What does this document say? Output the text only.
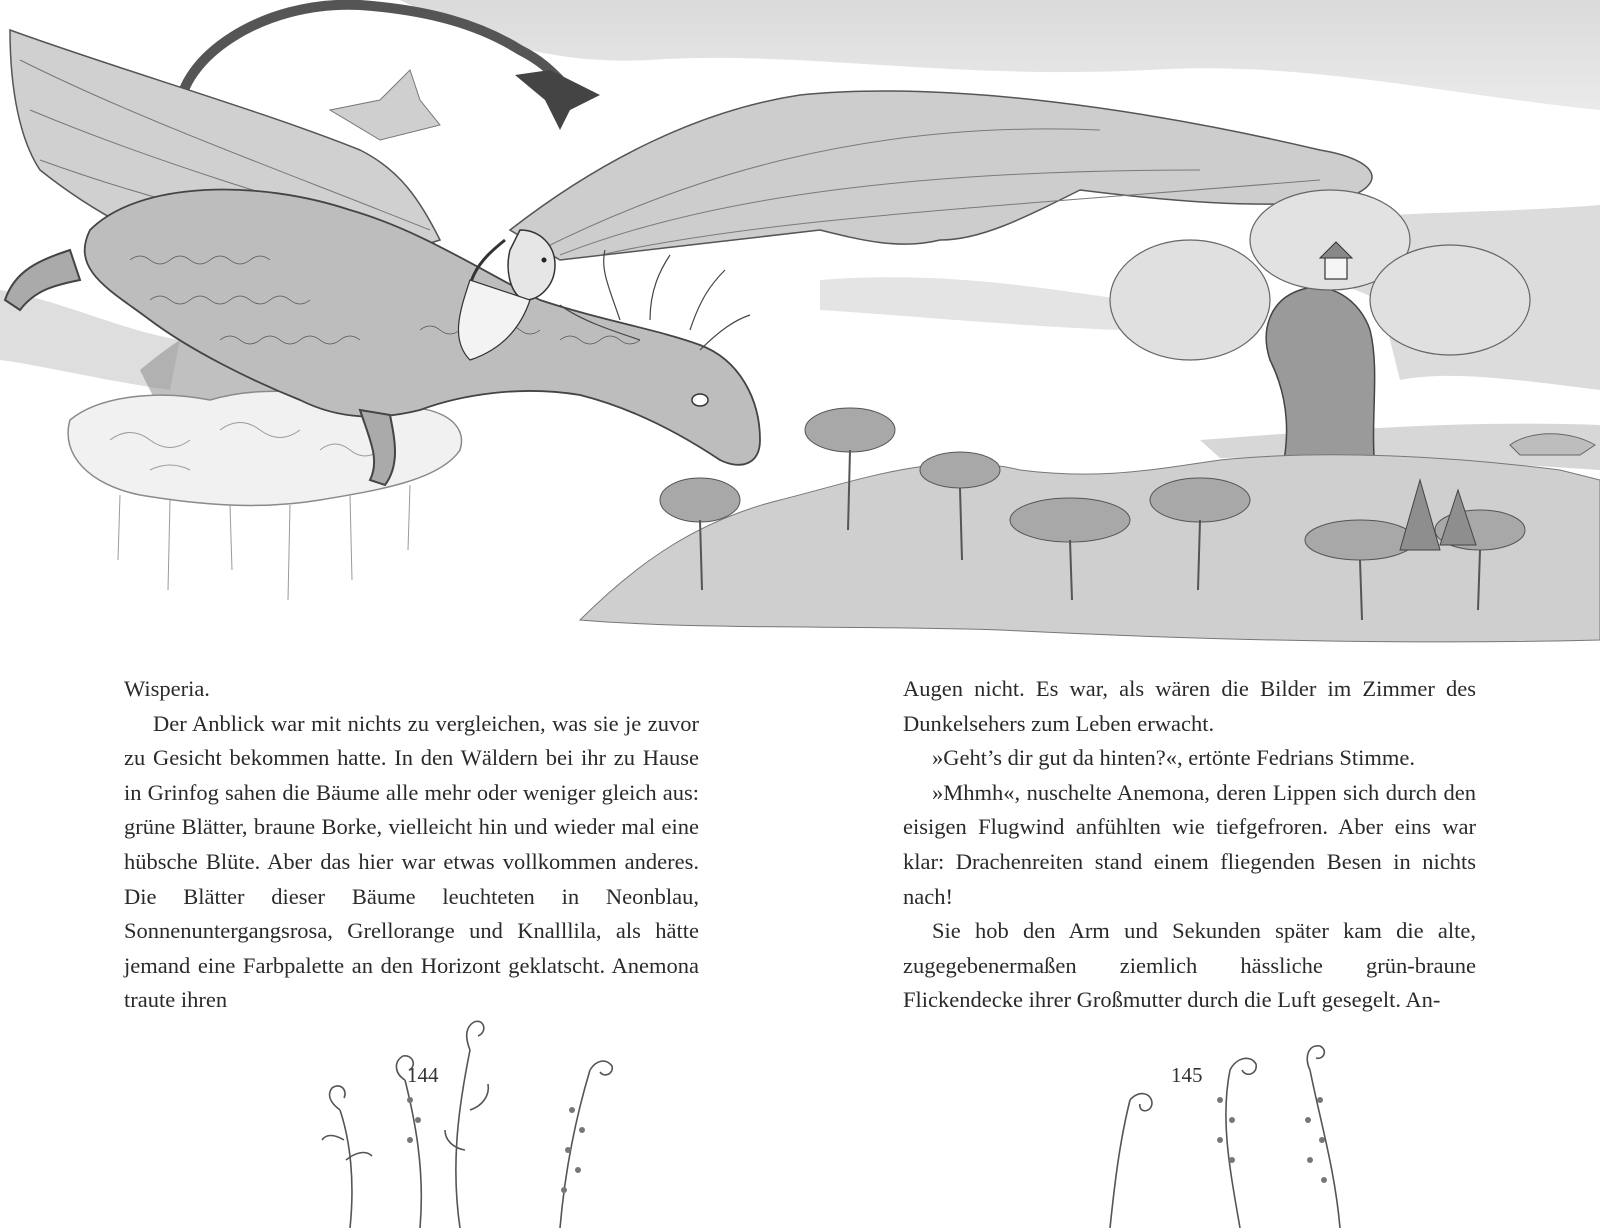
Wisperia.

Der Anblick war mit nichts zu vergleichen, was sie je zuvor zu Gesicht bekommen hatte. In den Wäldern bei ihr zu Hause in Grinfog sahen die Bäume alle mehr oder weniger gleich aus: grüne Blätter, braune Borke, vielleicht hin und wieder mal eine hübsche Blüte. Aber das hier war etwas vollkommen anderes. Die Blätter dieser Bäume leuchteten in Neonblau, Sonnenuntergangsrosa, Grellorange und Knalllila, als hätte jemand eine Farbpalette an den Horizont geklatscht. Anemona traute ihren

Augen nicht. Es war, als wären die Bilder im Zimmer des Dunkelsehers zum Leben erwacht.

»Geht’s dir gut da hinten?«, ertönte Fedrians Stimme.

»Mhmh«, nuschelte Anemona, deren Lippen sich durch den eisigen Flugwind anfühlten wie tiefgefroren. Aber eins war klar: Drachenreiten stand einem fliegenden Besen in nichts nach!

Sie hob den Arm und Sekunden später kam die alte, zugegebenermaßen ziemlich hässliche grün-braune Flickendecke ihrer Großmutter durch die Luft gesegelt. An-

144	145
